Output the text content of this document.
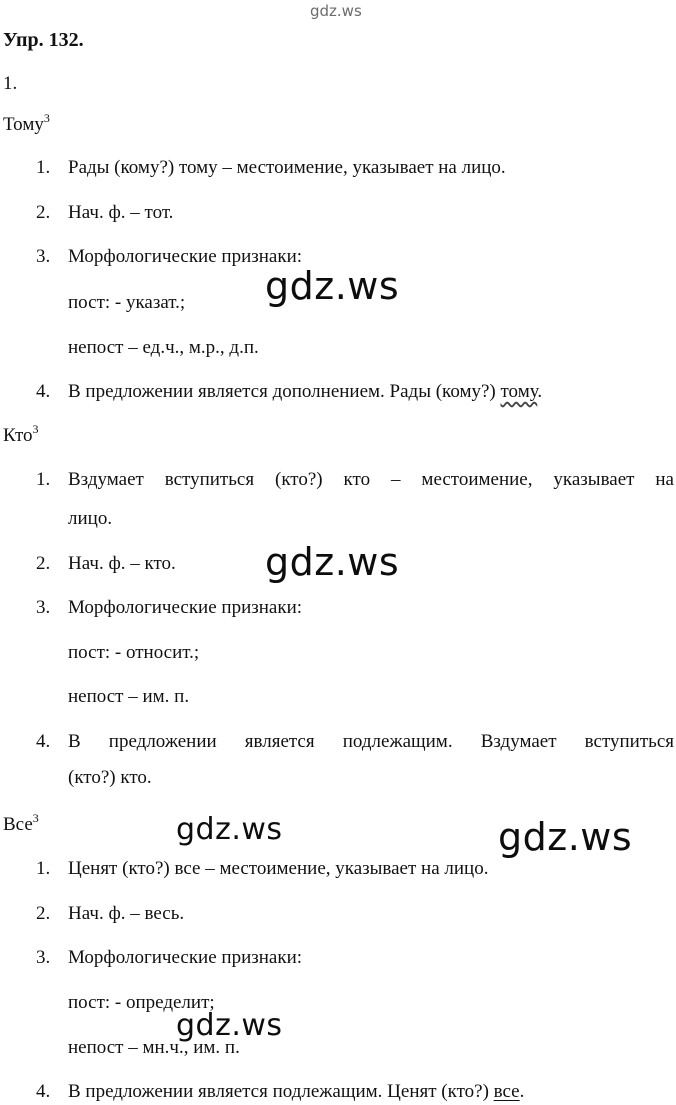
gdz.ws
Упр. 132.
1.
Тому$^3$
1. Рады (кому?) тому – местоимение, указывает на лицо.
2. Нач. ф. – тот.
3. Морфологические признаки:
пост: - указат.;
непост – ед.ч., м.р., д.п.
4. В предложении является дополнением. Рады (кому?) тому.
Кто$^3$
1. Вздумает вступиться (кто?) кто – местоимение, указывает на
лицо.
2. Нач. ф. – кто.
3. Морфологические признаки:
пост: - относит.;
непост – им. п.
4. В предложении является подлежащим. Вздумает вступиться
(кто?) кто.
Все$^3$
1. Ценят (кто?) все – местоимение, указывает на лицо.
2. Нач. ф. – весь.
3. Морфологические признаки:
пост: - определит;
непост – мн.ч., им. п.
4. В предложении является подлежащим. Ценят (кто?) все.
gdz.ws
gdz.ws
gdz.ws	gdz.ws
gdz.ws
